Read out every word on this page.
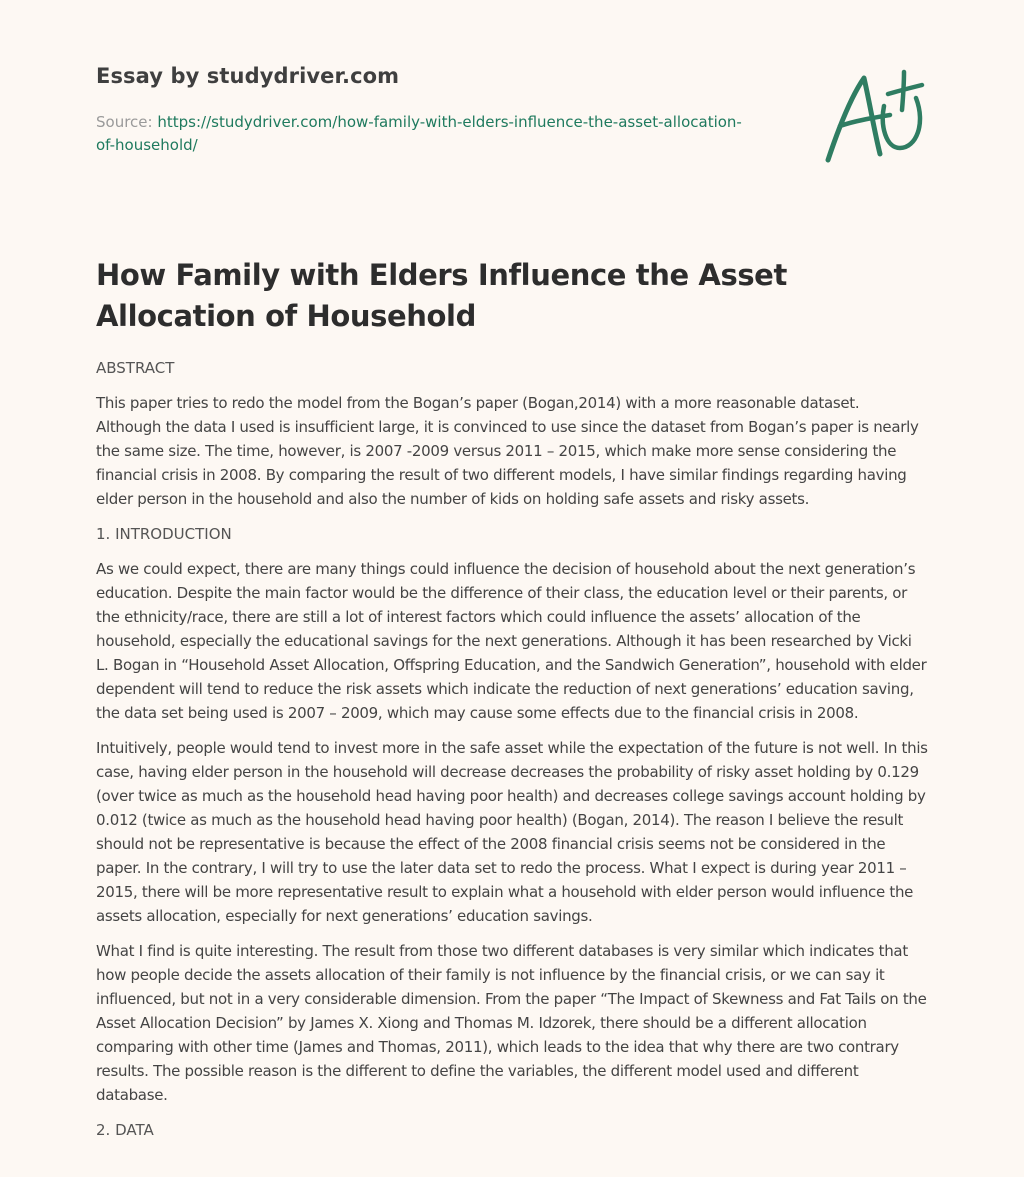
Essay by studydriver.com
Source: https://studydriver.com/how-family-with-elders-influence-the-asset-allocation-of-household/
How Family with Elders Influence the Asset Allocation of Household

ABSTRACT

This paper tries to redo the model from the Bogan’s paper (Bogan,2014) with a more reasonable dataset. Although the data I used is insufficient large, it is convinced to use since the dataset from Bogan’s paper is nearly the same size. The time, however, is 2007 -2009 versus 2011 – 2015, which make more sense considering the financial crisis in 2008. By comparing the result of two different models, I have similar findings regarding having elder person in the household and also the number of kids on holding safe assets and risky assets.

1. INTRODUCTION

As we could expect, there are many things could influence the decision of household about the next generation’s education. Despite the main factor would be the difference of their class, the education level or their parents, or the ethnicity/race, there are still a lot of interest factors which could influence the assets’ allocation of the household, especially the educational savings for the next generations. Although it has been researched by Vicki L. Bogan in “Household Asset Allocation, Offspring Education, and the Sandwich Generation”, household with elder dependent will tend to reduce the risk assets which indicate the reduction of next generations’ education saving, the data set being used is 2007 – 2009, which may cause some effects due to the financial crisis in 2008.

Intuitively, people would tend to invest more in the safe asset while the expectation of the future is not well. In this case, having elder person in the household will decrease decreases the probability of risky asset holding by 0.129 (over twice as much as the household head having poor health) and decreases college savings account holding by 0.012 (twice as much as the household head having poor health) (Bogan, 2014). The reason I believe the result should not be representative is because the effect of the 2008 financial crisis seems not be considered in the paper. In the contrary, I will try to use the later data set to redo the process. What I expect is during year 2011 – 2015, there will be more representative result to explain what a household with elder person would influence the assets allocation, especially for next generations’ education savings.

What I find is quite interesting. The result from those two different databases is very similar which indicates that how people decide the assets allocation of their family is not influence by the financial crisis, or we can say it influenced, but not in a very considerable dimension. From the paper “The Impact of Skewness and Fat Tails on the Asset Allocation Decision” by James X. Xiong and Thomas M. Idzorek, there should be a different allocation comparing with other time (James and Thomas, 2011), which leads to the idea that why there are two contrary results. The possible reason is the different to define the variables, the different model used and different database.

2. DATA
